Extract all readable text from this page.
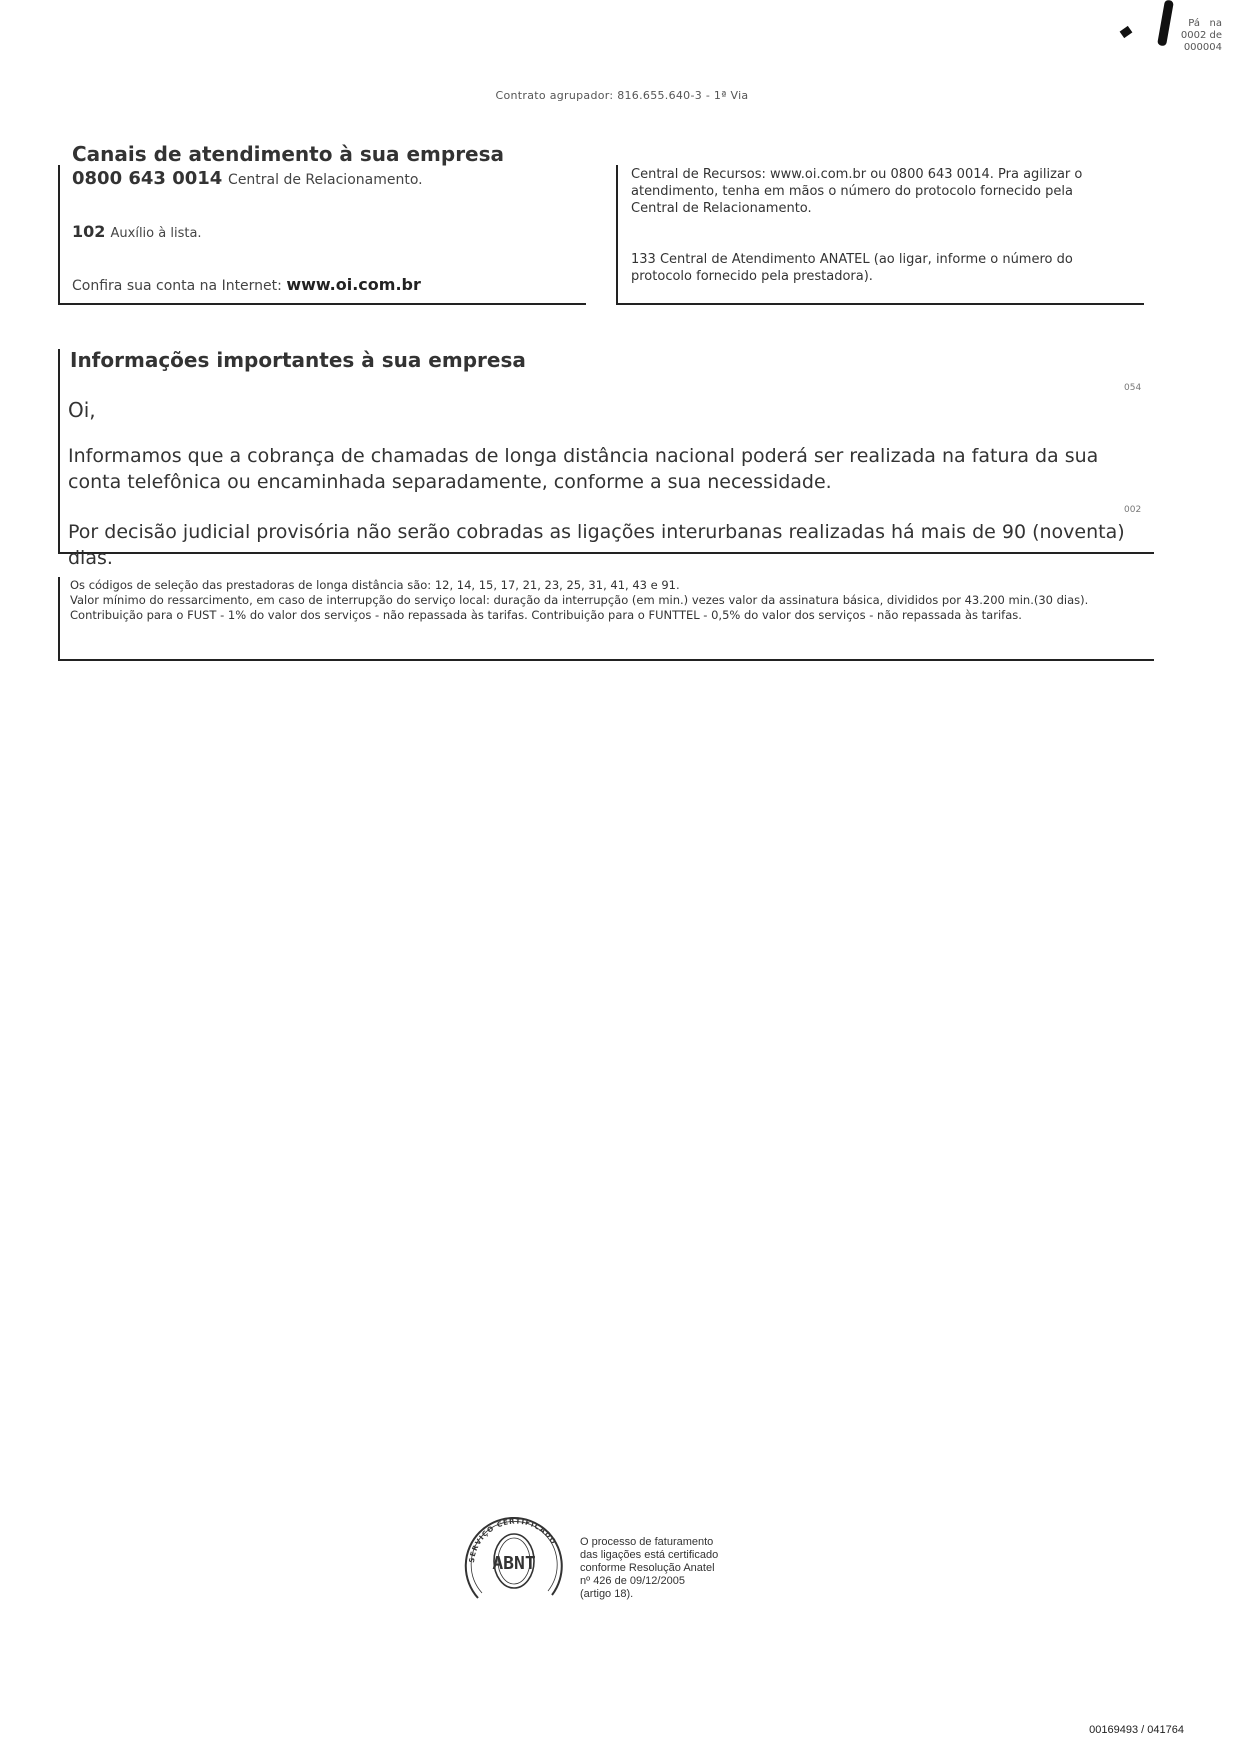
Pá na
0002 de
000004
Contrato agrupador: 816.655.640-3 - 1ª Via
Canais de atendimento à sua empresa
0800 643 0014 Central de Relacionamento.
102 Auxílio à lista.
Confira sua conta na Internet: www.oi.com.br
Central de Recursos: www.oi.com.br ou 0800 643 0014. Pra agilizar o atendimento, tenha em mãos o número do protocolo fornecido pela Central de Relacionamento.
133 Central de Atendimento ANATEL (ao ligar, informe o número do protocolo fornecido pela prestadora).
Informações importantes à sua empresa
054
Oi,
Informamos que a cobrança de chamadas de longa distância nacional poderá ser realizada na fatura da sua conta telefônica ou encaminhada separadamente, conforme a sua necessidade.
002
Por decisão judicial provisória não serão cobradas as ligações interurbanas realizadas há mais de 90 (noventa) dias.

Os códigos de seleção das prestadoras de longa distância são: 12, 14, 15, 17, 21, 23, 25, 31, 41, 43 e 91.

Valor mínimo do ressarcimento, em caso de interrupção do serviço local: duração da interrupção (em min.) vezes valor da assinatura básica, divididos por 43.200 min.(30 dias).

Contribuição para o FUST - 1% do valor dos serviços - não repassada às tarifas. Contribuição para o FUNTTEL - 0,5% do valor dos serviços - não repassada às tarifas.

ABNT
SERVIÇO CERTIFICADO O processo de faturamento

das ligações está certificado

conforme Resolução Anatel

nº 426 de 09/12/2005

(artigo 18).

00169493 / 041764
